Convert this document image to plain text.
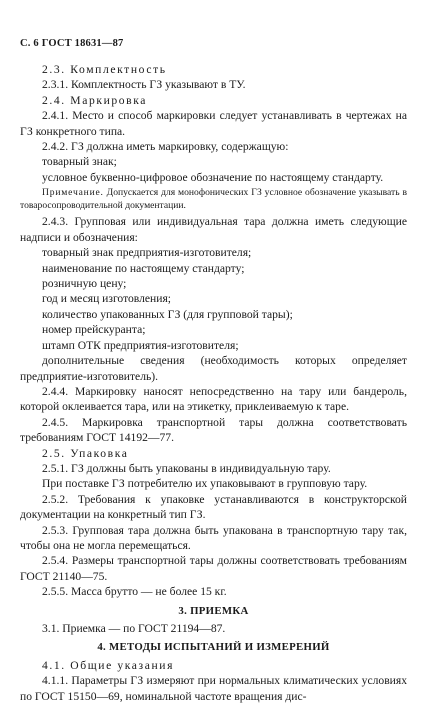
С. 6 ГОСТ 18631—87

2.3. Комплектность

2.3.1. Комплектность ГЗ указывают в ТУ.

2.4. Маркировка

2.4.1. Место и способ маркировки следует устанавливать в чертежах на ГЗ конкретного типа.

2.4.2. ГЗ должна иметь маркировку, содержащую:

товарный знак;

условное буквенно-цифровое обозначение по настоящему стандарту.

Примечание. Допускается для монофонических ГЗ условное обозначение указывать в товаросопроводительной документации.

2.4.3. Групповая или индивидуальная тара должна иметь следующие надписи и обозначения:

товарный знак предприятия-изготовителя;

наименование по настоящему стандарту;

розничную цену;

год и месяц изготовления;

количество упакованных ГЗ (для групповой тары);

номер прейскуранта;

штамп ОТК предприятия-изготовителя;

дополнительные сведения (необходимость которых определяет предприятие-изготовитель).

2.4.4. Маркировку наносят непосредственно на тару или бандероль, которой оклеивается тара, или на этикетку, приклеиваемую к таре.

2.4.5. Маркировка транспортной тары должна соответствовать требованиям ГОСТ 14192—77.

2.5. Упаковка

2.5.1. ГЗ должны быть упакованы в индивидуальную тару.

При поставке ГЗ потребителю их упаковывают в групповую тару.

2.5.2. Требования к упаковке устанавливаются в конструкторской документации на конкретный тип ГЗ.

2.5.3. Групповая тара должна быть упакована в транспортную тару так, чтобы она не могла перемещаться.

2.5.4. Размеры транспортной тары должны соответствовать требованиям ГОСТ 21140—75.

2.5.5. Масса брутто — не более 15 кг.

3. ПРИЕМКА

3.1. Приемка — по ГОСТ 21194—87.

4. МЕТОДЫ ИСПЫТАНИЙ И ИЗМЕРЕНИЙ

4.1. Общие указания

4.1.1. Параметры ГЗ измеряют при нормальных климатических условиях по ГОСТ 15150—69, номинальной частоте вращения дис-
